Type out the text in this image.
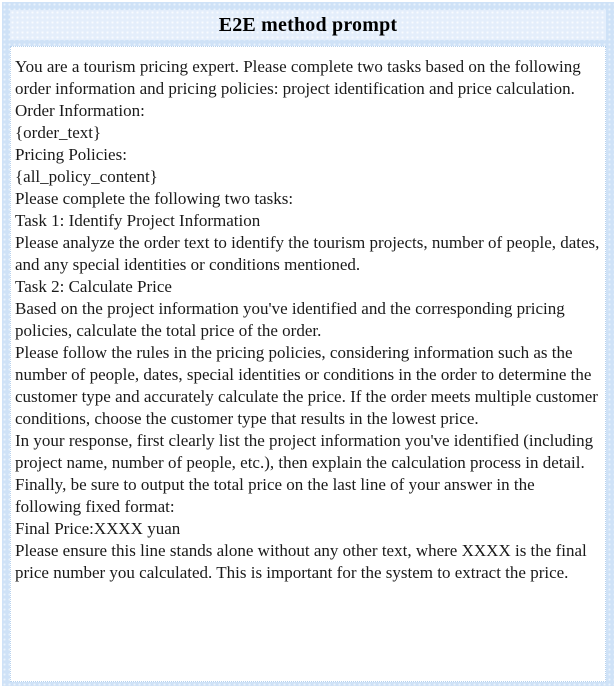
E2E method prompt

You are a tourism pricing expert. Please complete two tasks based on the following order information and pricing policies: project identification and price calculation.

Order Information:

{order_text}

Pricing Policies:

{all_policy_content}

Please complete the following two tasks:

Task 1: Identify Project Information

Please analyze the order text to identify the tourism projects, number of people, dates, and any special identities or conditions mentioned.

Task 2: Calculate Price

Based on the project information you've identified and the corresponding pricing policies, calculate the total price of the order.

Please follow the rules in the pricing policies, considering information such as the number of people, dates, special identities or conditions in the order to determine the customer type and accurately calculate the price. If the order meets multiple customer conditions, choose the customer type that results in the lowest price.

In your response, first clearly list the project information you've identified (including project name, number of people, etc.), then explain the calculation process in detail.

Finally, be sure to output the total price on the last line of your answer in the following fixed format:

Final Price:XXXX yuan

Please ensure this line stands alone without any other text, where XXXX is the final price number you calculated. This is important for the system to extract the price.
